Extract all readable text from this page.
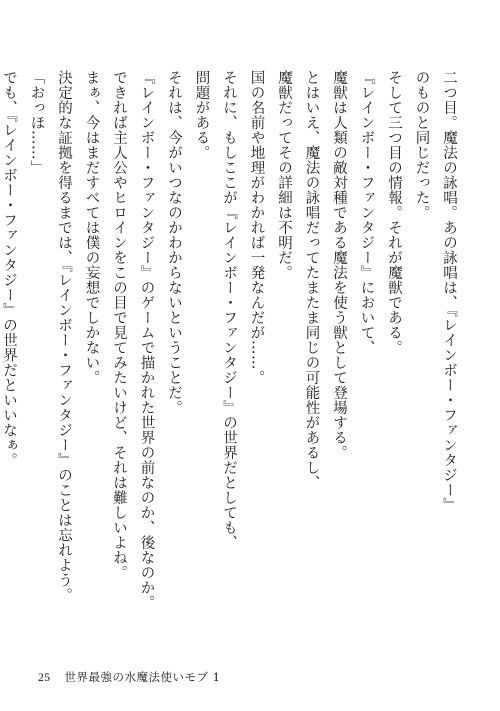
二つ目。魔法の詠唱。あの詠唱は、『レインボー・ファンタジー』のものと同じだった。

そして三つ目の情報。それが魔獣である。

『レインボー・ファンタジー』において、魔獣は人類の敵対種である魔法を使う獣として登場する。

とはいえ、魔法の詠唱だってたまたま同じの可能性があるし、魔獣だってその詳細は不明だ。

国の名前や地理がわかれば一発なんだが……。

それに、もしここが『レインボー・ファンタジー』の世界だとしても、問題がある。

それは、今がいつなのかわからないということだ。

『レインボー・ファンタジー』のゲームで描かれた世界の前なのか、後なのか。

できれば主人公やヒロインをこの目で見てみたいけど、それは難しいよね。

まぁ、今はまだすべては僕の妄想でしかない。

決定的な証拠を得るまでは、『レインボー・ファンタジー』のことは忘れよう。

「おっほ……」

でも、『レインボー・ファンタジー』の世界だといいなぁ。

25 世界最強の水魔法使いモブ 1
